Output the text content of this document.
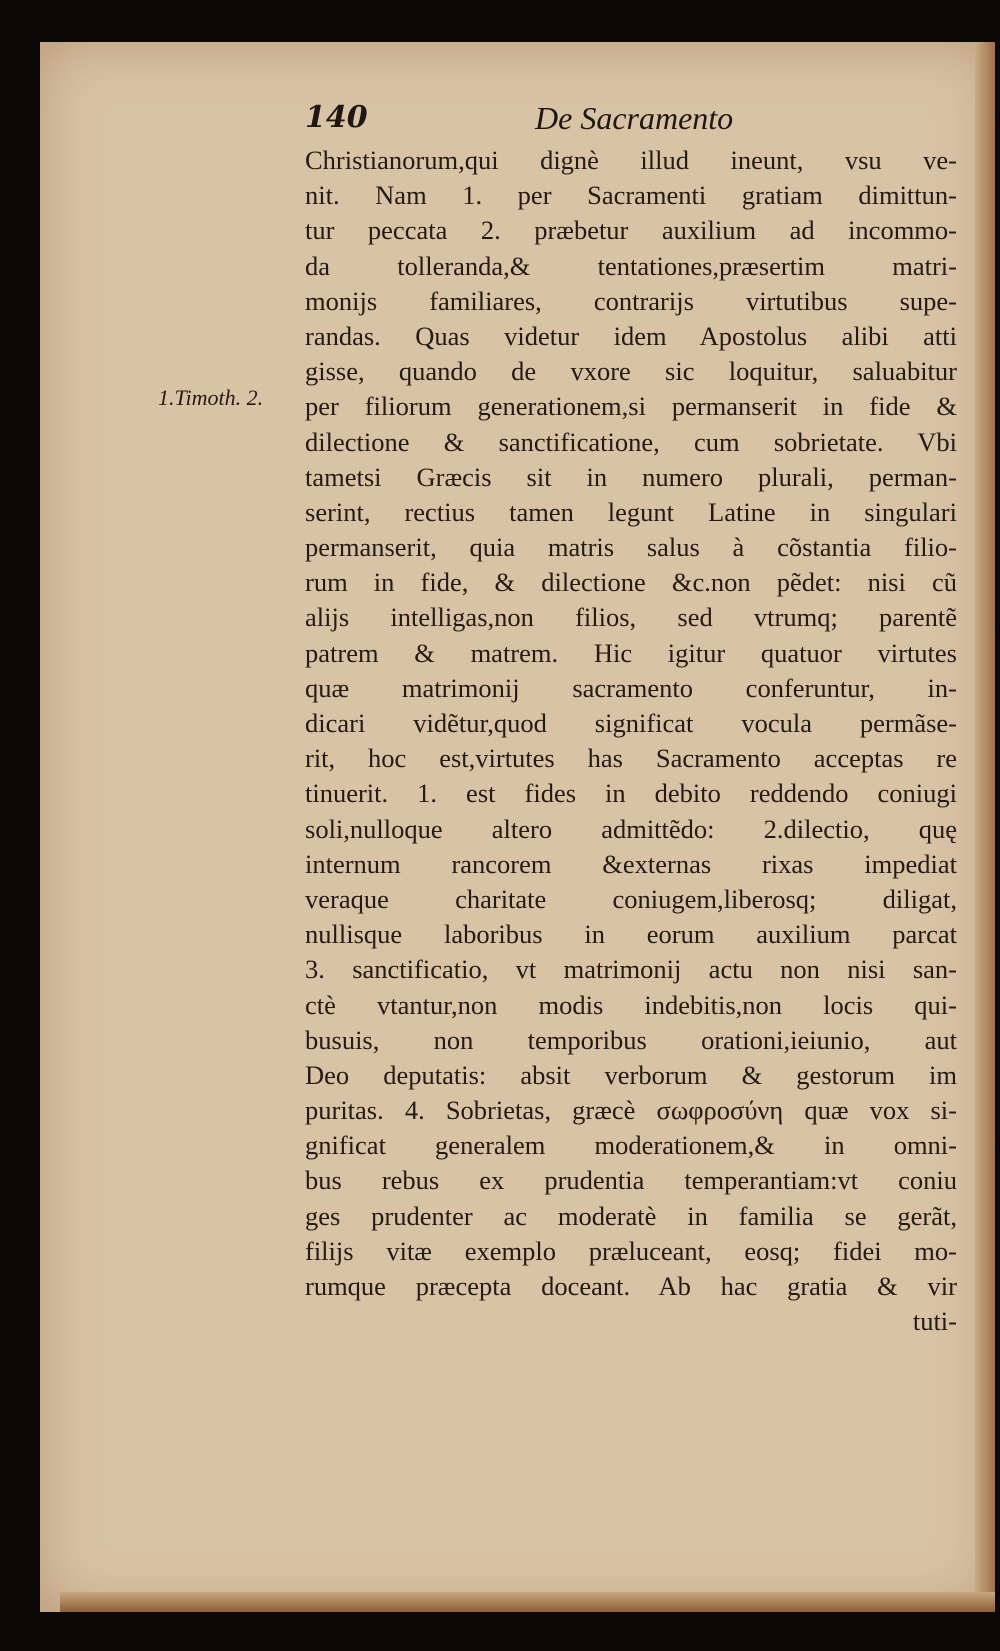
140	De Sacramento
1.Timoth. 2.
Christianorum,qui dignè illud ineunt, vsu ve-
nit. Nam 1. per Sacramenti gratiam dimittun-
tur peccata 2. præbetur auxilium ad incommo-
da tolleranda,& tentationes,præsertim matri-
monijs familiares, contrarijs virtutibus supe-
randas. Quas videtur idem Apostolus alibi atti
gisse, quando de vxore sic loquitur, saluabitur
per filiorum generationem,si permanserit in fide &
dilectione & sanctificatione, cum sobrietate. Vbi
tametsi Græcis sit in numero plurali, perman-
serint, rectius tamen legunt Latine in singulari
permanserit, quia matris salus à cõstantia filio-
rum in fide, & dilectione &c.non pẽdet: nisi cũ
alijs intelligas,non filios, sed vtrumq; parentẽ
patrem & matrem. Hic igitur quatuor virtutes
quæ matrimonij sacramento conferuntur, in-
dicari vidẽtur,quod significat vocula permãse-
rit, hoc est,virtutes has Sacramento acceptas re
tinuerit. 1. est fides in debito reddendo coniugi
soli,nulloque altero admittẽdo: 2.dilectio, quę
internum rancorem &externas rixas impediat
veraque charitate coniugem,liberosq; diligat,
nullisque laboribus in eorum auxilium parcat
3. sanctificatio, vt matrimonij actu non nisi san-
ctè vtantur,non modis indebitis,non locis qui-
busuis, non temporibus orationi,ieiunio, aut
Deo deputatis: absit verborum & gestorum im
puritas. 4. Sobrietas, græcè σωφροσύνη quæ vox si-
gnificat generalem moderationem,& in omni-
bus rebus ex prudentia temperantiam:vt coniu
ges prudenter ac moderatè in familia se gerãt,
filijs vitæ exemplo præluceant, eosq; fidei mo-
rumque præcepta doceant. Ab hac gratia & vir
tuti-
